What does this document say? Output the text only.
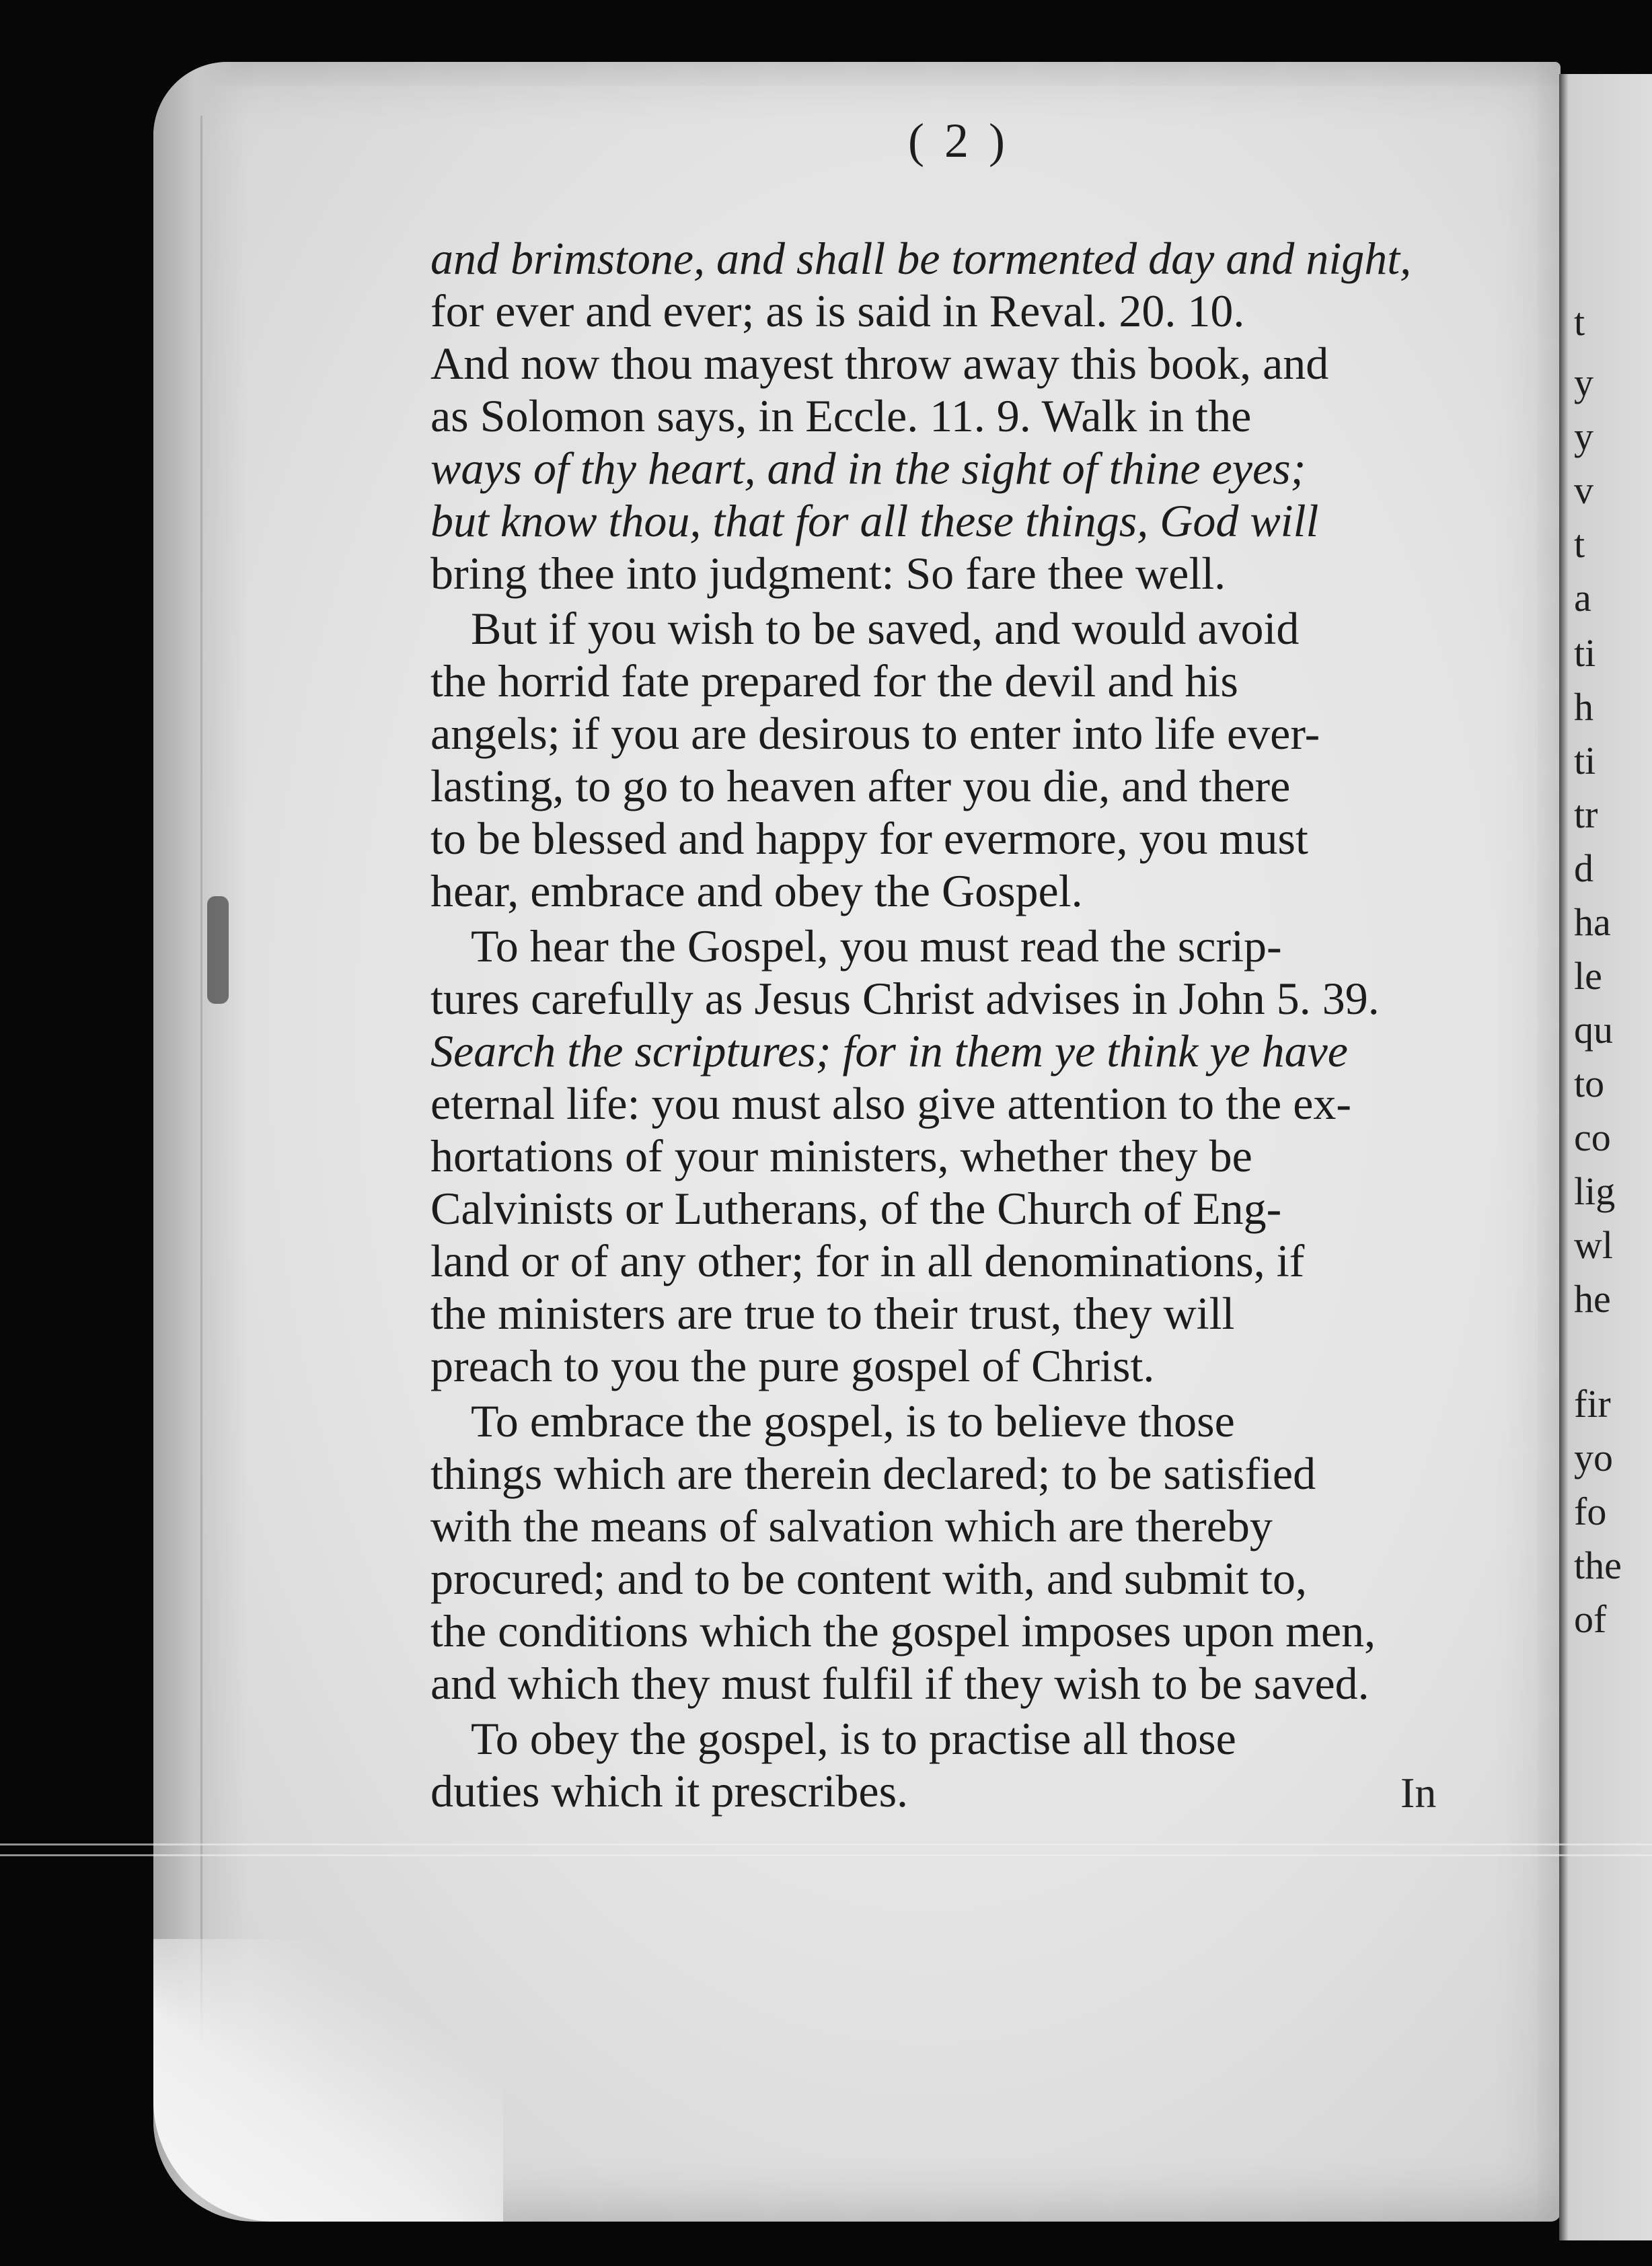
t
y
y
v
t
a
ti
h
ti
tr
d
ha
le
qu
to
co
lig
wl
he
fir
yo
fo
the
of
( 2 )
and brimstone, and shall be tormented day and night,
for ever and ever; as is said in Reval. 20. 10.
And now thou mayest throw away this book, and
as Solomon says, in Eccle. 11. 9. Walk in the
ways of thy heart, and in the sight of thine eyes;
but know thou, that for all these things, God will
bring thee into judgment: So fare thee well.
But if you wish to be saved, and would avoid
the horrid fate prepared for the devil and his
angels; if you are desirous to enter into life ever-
lasting, to go to heaven after you die, and there
to be blessed and happy for evermore, you must
hear, embrace and obey the Gospel.
To hear the Gospel, you must read the scrip-
tures carefully as Jesus Christ advises in John 5. 39.
Search the scriptures; for in them ye think ye have
eternal life: you must also give attention to the ex-
hortations of your ministers, whether they be
Calvinists or Lutherans, of the Church of Eng-
land or of any other; for in all denominations, if
the ministers are true to their trust, they will
preach to you the pure gospel of Christ.
To embrace the gospel, is to believe those
things which are therein declared; to be satisfied
with the means of salvation which are thereby
procured; and to be content with, and submit to,
the conditions which the gospel imposes upon men,
and which they must fulfil if they wish to be saved.
To obey the gospel, is to practise all those
duties which it prescribes.	In
